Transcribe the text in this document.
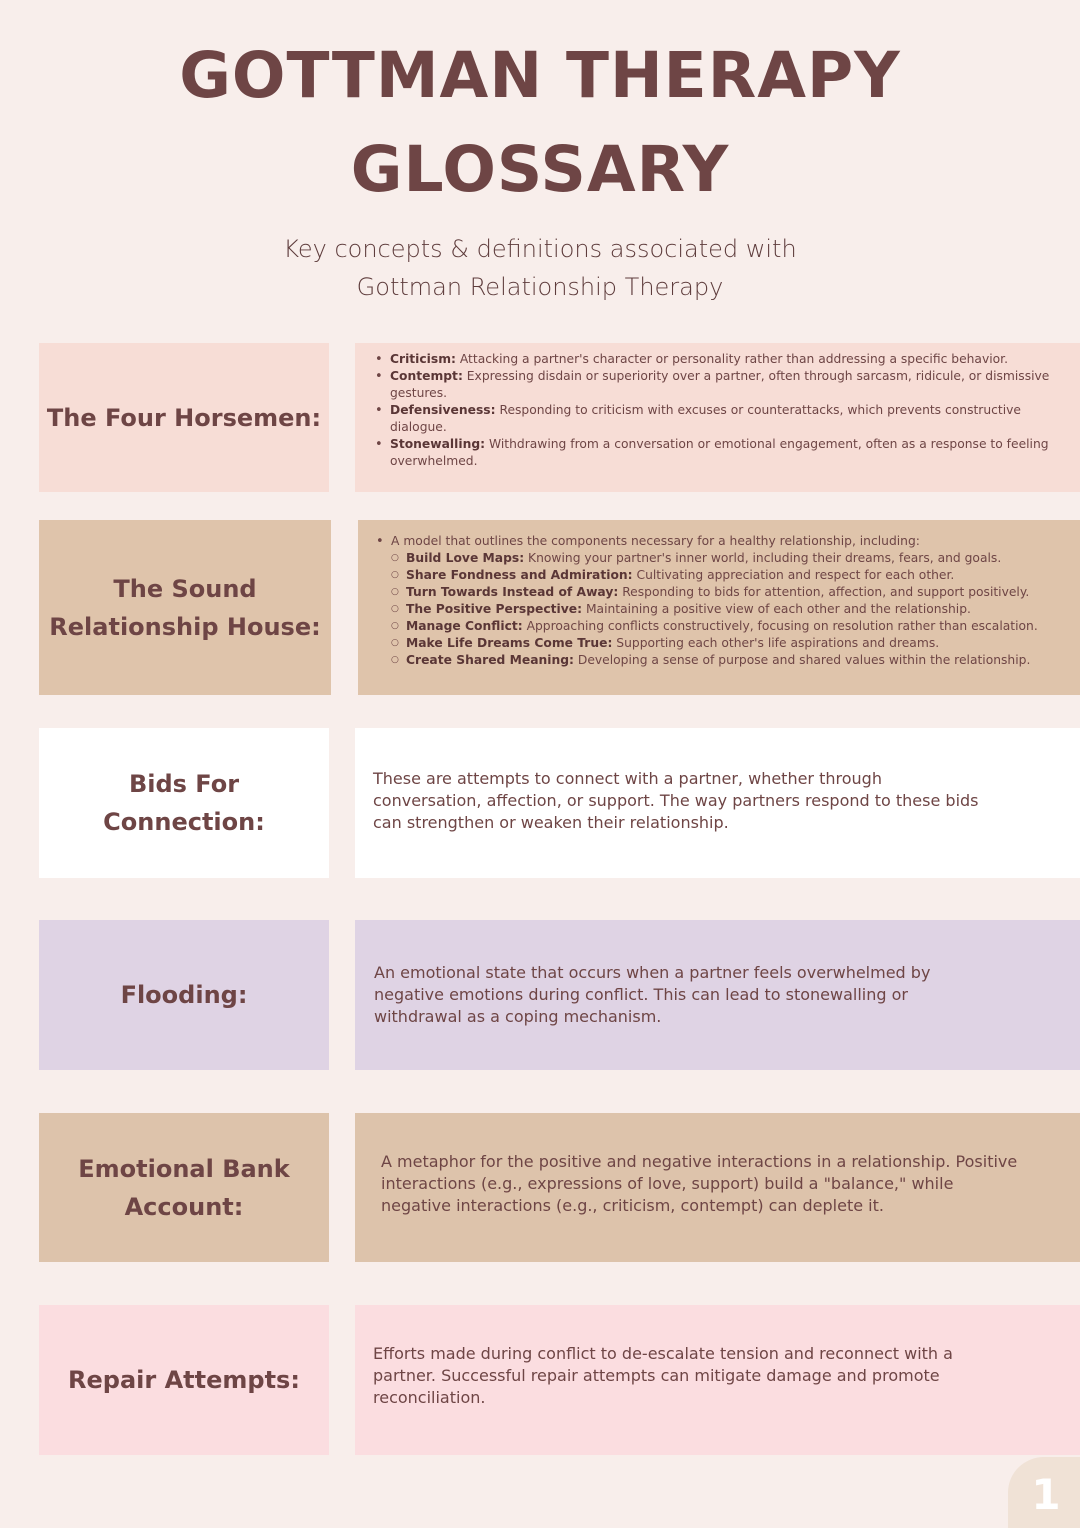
GOTTMAN THERAPY
GLOSSARY
Key concepts & definitions associated with
Gottman Relationship Therapy
The Four Horsemen:
• Criticism: Attacking a partner's character or personality rather than addressing a specific behavior.
• Contempt: Expressing disdain or superiority over a partner, often through sarcasm, ridicule, or dismissive gestures.
• Defensiveness: Responding to criticism with excuses or counterattacks, which prevents constructive dialogue.
• Stonewalling: Withdrawing from a conversation or emotional engagement, often as a response to feeling overwhelmed.
The Sound
Relationship House:
• A model that outlines the components necessary for a healthy relationship, including:
○ Build Love Maps: Knowing your partner's inner world, including their dreams, fears, and goals.
○ Share Fondness and Admiration: Cultivating appreciation and respect for each other.
○ Turn Towards Instead of Away: Responding to bids for attention, affection, and support positively.
○ The Positive Perspective: Maintaining a positive view of each other and the relationship.
○ Manage Conflict: Approaching conflicts constructively, focusing on resolution rather than escalation.
○ Make Life Dreams Come True: Supporting each other's life aspirations and dreams.
○ Create Shared Meaning: Developing a sense of purpose and shared values within the relationship.
Bids For
Connection:
These are attempts to connect with a partner, whether through conversation, affection, or support. The way partners respond to these bids can strengthen or weaken their relationship.
Flooding:
An emotional state that occurs when a partner feels overwhelmed by negative emotions during conflict. This can lead to stonewalling or withdrawal as a coping mechanism.
Emotional Bank
Account:
A metaphor for the positive and negative interactions in a relationship. Positive interactions (e.g., expressions of love, support) build a "balance," while negative interactions (e.g., criticism, contempt) can deplete it.
Repair Attempts:
Efforts made during conflict to de-escalate tension and reconnect with a partner. Successful repair attempts can mitigate damage and promote reconciliation.
1
